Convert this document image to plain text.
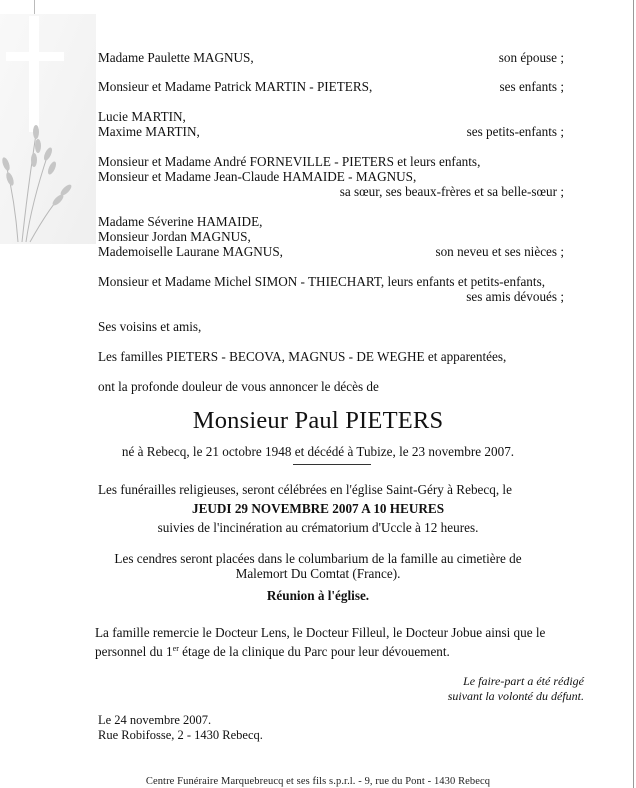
Madame Paulette MAGNUS,	son épouse ;
Monsieur et Madame Patrick MARTIN - PIETERS,	ses enfants ;
Lucie MARTIN,
Maxime MARTIN,	ses petits-enfants ;
Monsieur et Madame André FORNEVILLE - PIETERS et leurs enfants,
Monsieur et Madame Jean-Claude HAMAIDE - MAGNUS,
sa sœur, ses beaux-frères et sa belle-sœur ;
Madame Séverine HAMAIDE,
Monsieur Jordan MAGNUS,
Mademoiselle Laurane MAGNUS,	son neveu et ses nièces ;
Monsieur et Madame Michel SIMON - THIECHART, leurs enfants et petits-enfants,
ses amis dévoués ;
Ses voisins et amis,
Les familles PIETERS - BECOVA, MAGNUS - DE WEGHE et apparentées,
ont la profonde douleur de vous annoncer le décès de
Monsieur Paul PIETERS
né à Rebecq, le 21 octobre 1948 et décédé à Tubize, le 23 novembre 2007.
Les funérailles religieuses, seront célébrées en l'église Saint-Géry à Rebecq, le
JEUDI 29 NOVEMBRE 2007 A 10 HEURES
suivies de l'incinération au crématorium d'Uccle à 12 heures.
Les cendres seront placées dans le columbarium de la famille au cimetière de
Malemort Du Comtat (France).
Réunion à l'église.
La famille remercie le Docteur Lens, le Docteur Filleul, le Docteur Jobue ainsi que le
personnel du 1er étage de la clinique du Parc pour leur dévouement.
Le faire-part a été rédigé
suivant la volonté du défunt.
Le 24 novembre 2007.
Rue Robifosse, 2 - 1430 Rebecq.
Centre Funéraire Marquebreucq et ses fils s.p.r.l. - 9, rue du Pont - 1430 Rebecq
